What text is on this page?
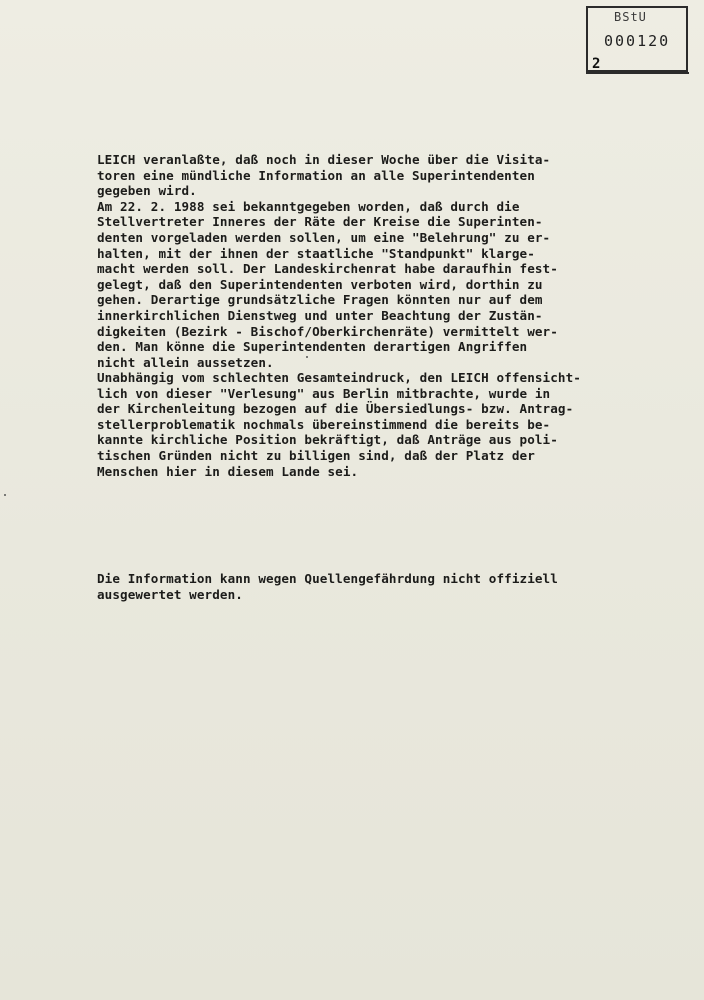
BStU
000120
2
LEICH veranlaßte, daß noch in dieser Woche über die Visita-
toren eine mündliche Information an alle Superintendenten
gegeben wird.
Am 22. 2. 1988 sei bekanntgegeben worden, daß durch die
Stellvertreter Inneres der Räte der Kreise die Superinten-
denten vorgeladen werden sollen, um eine "Belehrung" zu er-
halten, mit der ihnen der staatliche "Standpunkt" klarge-
macht werden soll. Der Landeskirchenrat habe daraufhin fest-
gelegt, daß den Superintendenten verboten wird, dorthin zu
gehen. Derartige grundsätzliche Fragen könnten nur auf dem
innerkirchlichen Dienstweg und unter Beachtung der Zustän-
digkeiten (Bezirk - Bischof/Oberkirchenräte) vermittelt wer-
den. Man könne die Superintendenten derartigen Angriffen
nicht allein aussetzen.
Unabhängig vom schlechten Gesamteindruck, den LEICH offensicht-
lich von dieser "Verlesung" aus Berlin mitbrachte, wurde in
der Kirchenleitung bezogen auf die Übersiedlungs- bzw. Antrag-
stellerproblematik nochmals übereinstimmend die bereits be-
kannte kirchliche Position bekräftigt, daß Anträge aus poli-
tischen Gründen nicht zu billigen sind, daß der Platz der
Menschen hier in diesem Lande sei.
Die Information kann wegen Quellengefährdung nicht offiziell
ausgewertet werden.
